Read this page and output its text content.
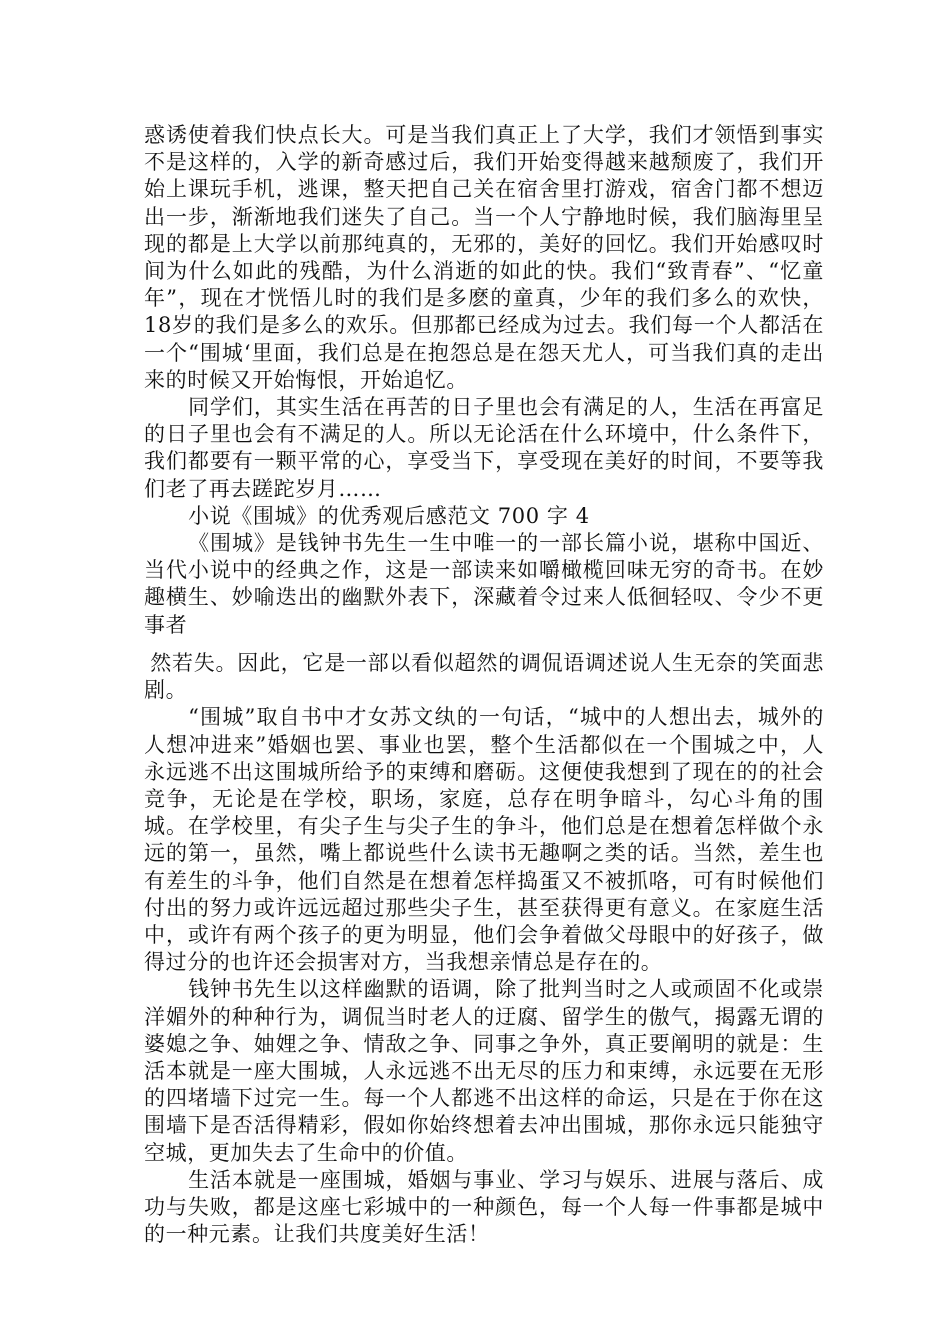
惑诱使着我们快点长大。可是当我们真正上了大学，我们才领悟到事实不是这样的，入学的新奇感过后，我们开始变得越来越颓废了，我们开始上课玩手机，逃课，整天把自己关在宿舍里打游戏，宿舍门都不想迈出一步，渐渐地我们迷失了自己。当一个人宁静地时候，我们脑海里呈现的都是上大学以前那纯真的，无邪的，美好的回忆。我们开始感叹时间为什么如此的残酷，为什么消逝的如此的快。我们“致青春”、“忆童年”，现在才恍悟儿时的我们是多麽的童真，少年的我们多么的欢快，18岁的我们是多么的欢乐。但那都已经成为过去。我们每一个人都活在一个“围城‘里面，我们总是在抱怨总是在怨天尤人，可当我们真的走出来的时候又开始悔恨，开始追忆。

同学们，其实生活在再苦的日子里也会有满足的人，生活在再富足的日子里也会有不满足的人。所以无论活在什么环境中，什么条件下，我们都要有一颗平常的心，享受当下，享受现在美好的时间，不要等我们老了再去蹉跎岁月……

小说《围城》的优秀观后感范文 700 字 4

《围城》是钱钟书先生一生中唯一的一部长篇小说，堪称中国近、当代小说中的经典之作，这是一部读来如嚼橄榄回味无穷的奇书。在妙趣横生、妙喻迭出的幽默外表下，深藏着令过来人低徊轻叹、令少不更事者

然若失。因此，它是一部以看似超然的调侃语调述说人生无奈的笑面悲剧。

“围城”取自书中才女苏文纨的一句话，“城中的人想出去，城外的人想冲进来”婚姻也罢、事业也罢，整个生活都似在一个围城之中，人永远逃不出这围城所给予的束缚和磨砺。这便使我想到了现在的的社会竞争，无论是在学校，职场，家庭，总存在明争暗斗，勾心斗角的围城。在学校里，有尖子生与尖子生的争斗，他们总是在想着怎样做个永远的第一，虽然，嘴上都说些什么读书无趣啊之类的话。当然，差生也有差生的斗争，他们自然是在想着怎样捣蛋又不被抓咯，可有时候他们付出的努力或许远远超过那些尖子生，甚至获得更有意义。在家庭生活中，或许有两个孩子的更为明显，他们会争着做父母眼中的好孩子，做得过分的也许还会损害对方，当我想亲情总是存在的。

钱钟书先生以这样幽默的语调，除了批判当时之人或顽固不化或崇洋媚外的种种行为，调侃当时老人的迂腐、留学生的傲气，揭露无谓的婆媳之争、妯娌之争、情敌之争、同事之争外，真正要阐明的就是：生活本就是一座大围城，人永远逃不出无尽的压力和束缚，永远要在无形的四堵墙下过完一生。每一个人都逃不出这样的命运，只是在于你在这围墙下是否活得精彩，假如你始终想着去冲出围城，那你永远只能独守空城，更加失去了生命中的价值。

生活本就是一座围城，婚姻与事业、学习与娱乐、进展与落后、成功与失败，都是这座七彩城中的一种颜色，每一个人每一件事都是城中的一种元素。让我们共度美好生活！
